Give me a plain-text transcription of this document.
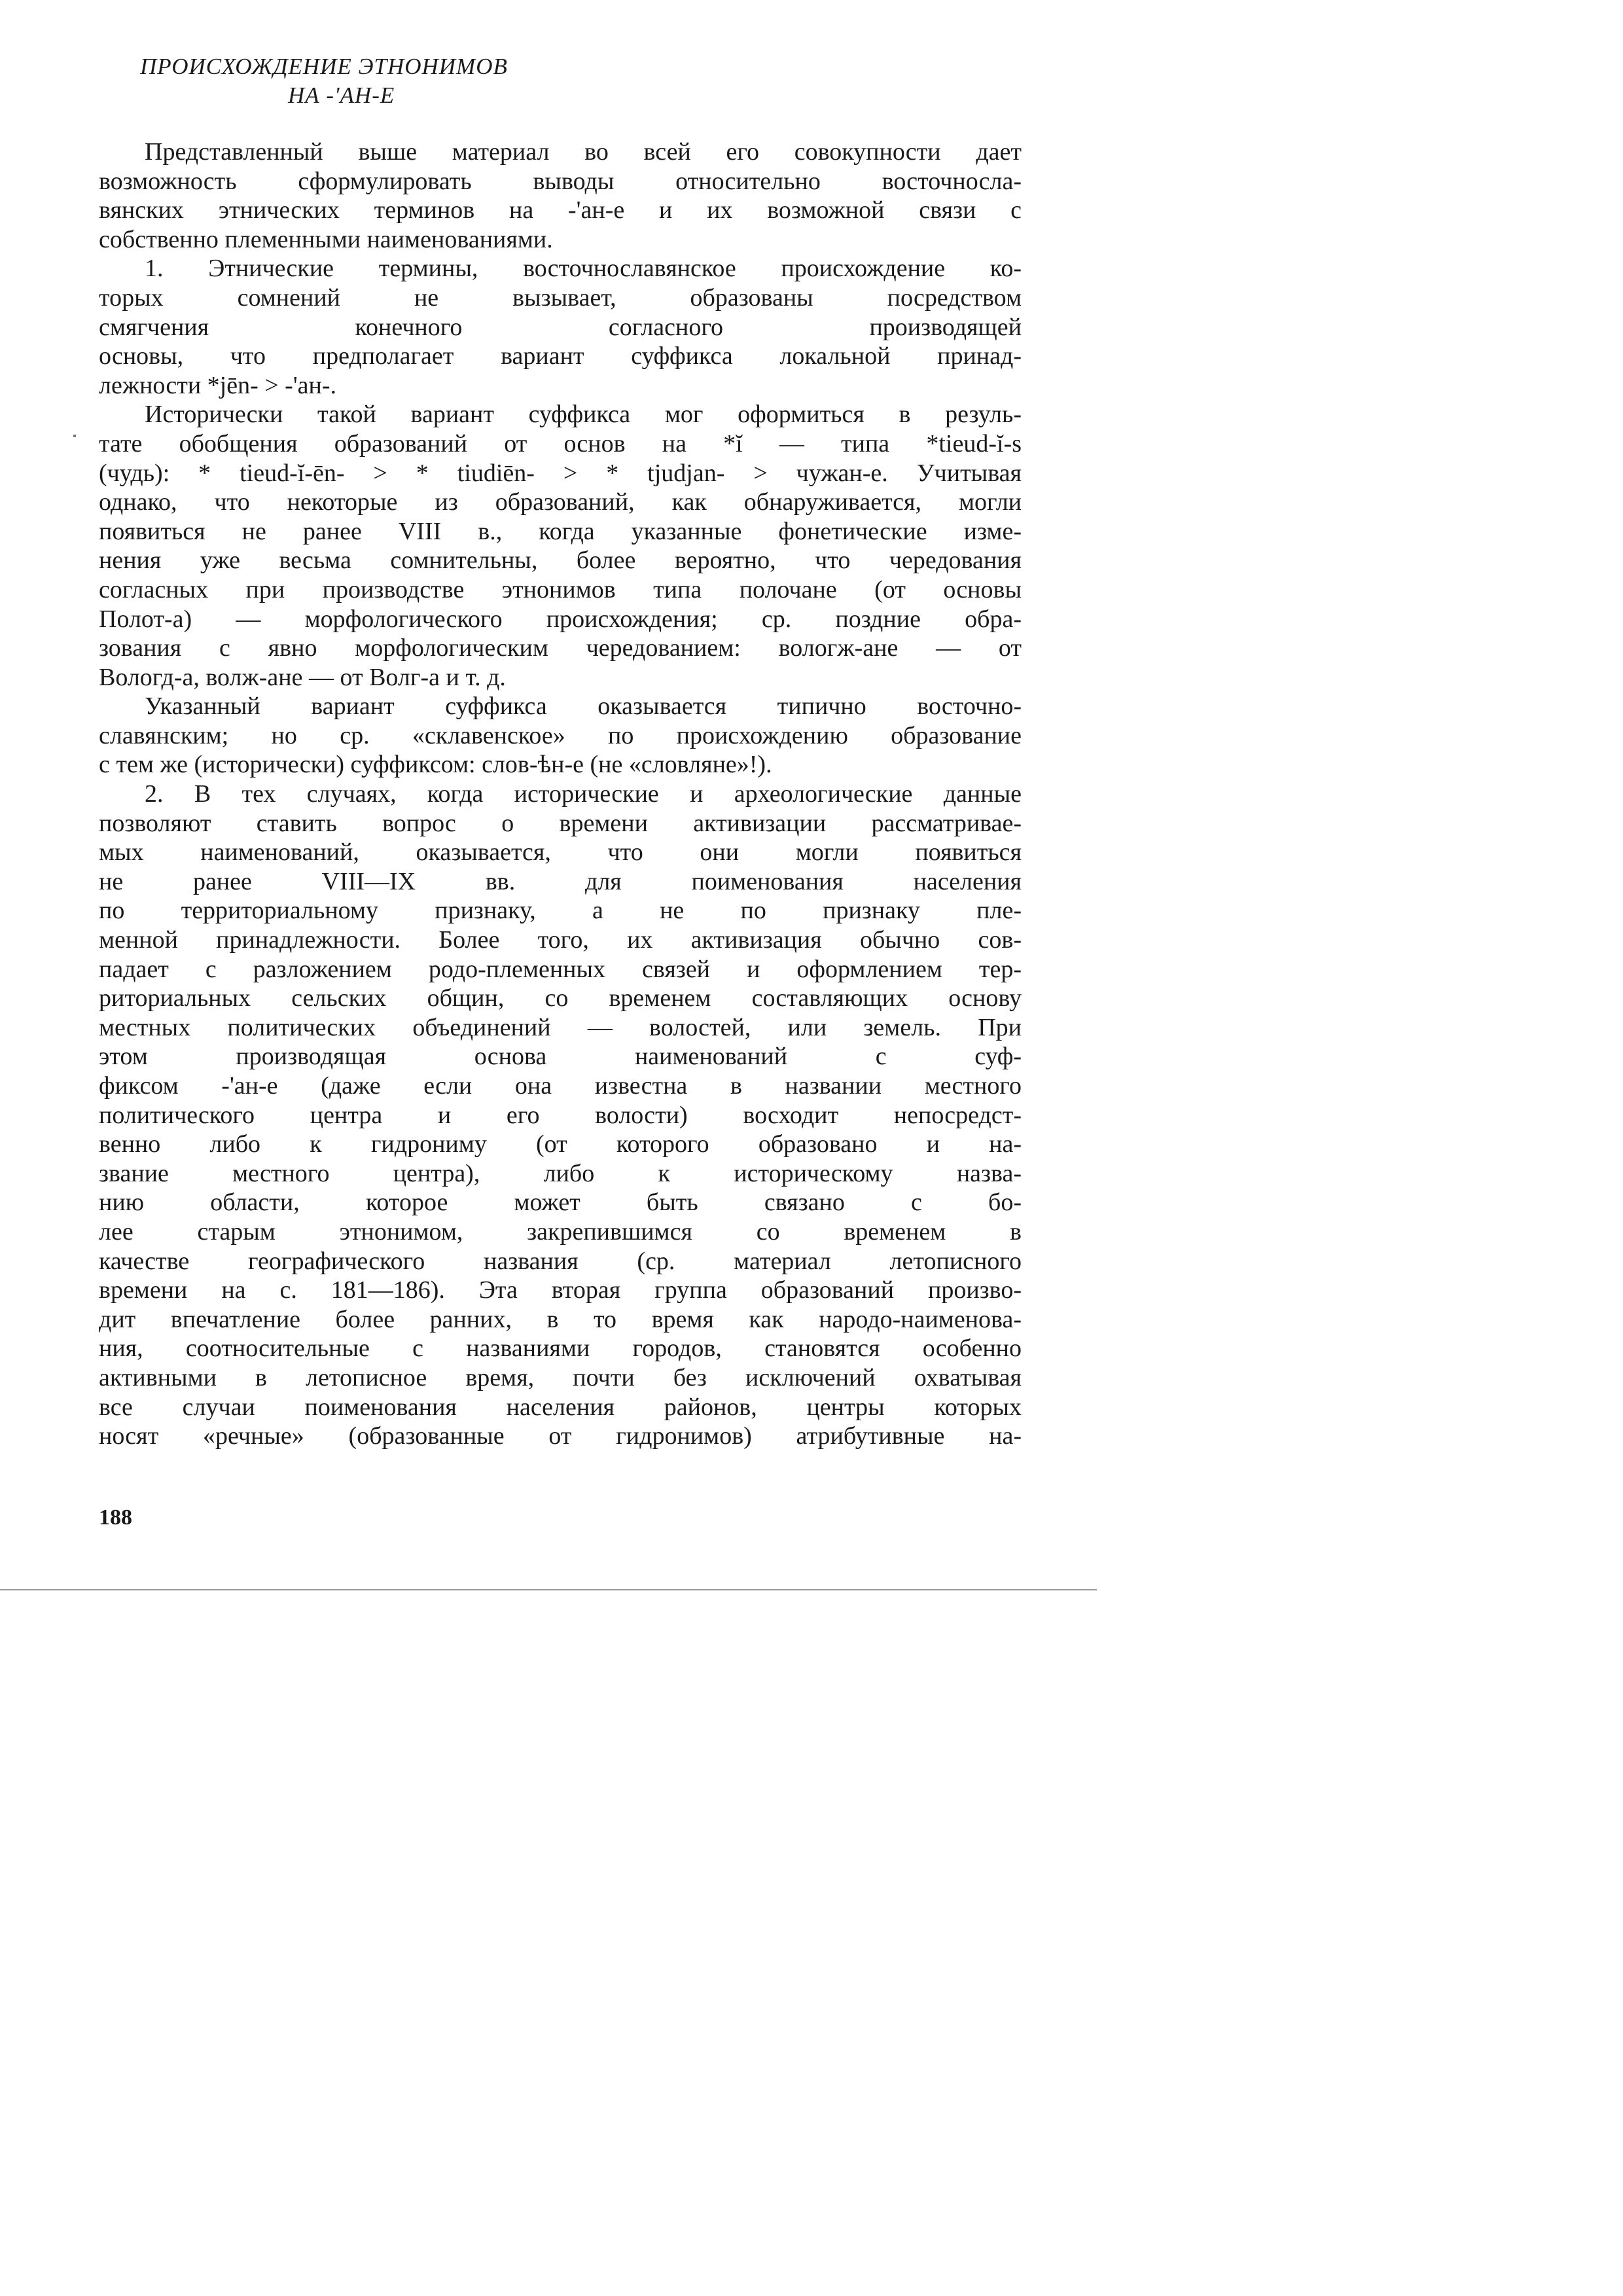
ПРОИСХОЖДЕНИЕ ЭТНОНИМОВ
НА -'АН-Е
Представленный выше материал во всей его совокупности дает
возможность сформулировать выводы относительно восточносла-
вянских этнических терминов на -'ан-е и их возможной связи с
собственно племенными наименованиями.
1. Этнические термины, восточнославянское происхождение ко-
торых сомнений не вызывает, образованы посредством
смягчения конечного согласного производящей
основы, что предполагает вариант суффикса локальной принад-
лежности *jēn- > -'ан-.
Исторически такой вариант суффикса мог оформиться в резуль-
тате обобщения образований от основ на *ĭ — типа *tieud-ĭ-s
(чудь): * tieud-ĭ-ēn- > * tiudiēn- > * tjudjan- > чужан-е. Учитывая
однако, что некоторые из образований, как обнаруживается, могли
появиться не ранее VIII в., когда указанные фонетические изме-
нения уже весьма сомнительны, более вероятно, что чередования
согласных при производстве этнонимов типа полочане (от основы
Полот-а) — морфологического происхождения; ср. поздние обра-
зования с явно морфологическим чередованием: вологж-ане — от
Вологд-а, волж-ане — от Волг-а и т. д.
Указанный вариант суффикса оказывается типично восточно-
славянским; но ср. «склавенское» по происхождению образование
с тем же (исторически) суффиксом: слов-ѣн-е (не «словляне»!).
2. В тех случаях, когда исторические и археологические данные
позволяют ставить вопрос о времени активизации рассматривае-
мых наименований, оказывается, что они могли появиться
не ранее VIII—IX вв. для поименования населения
по территориальному признаку, а не по признаку пле-
менной принадлежности. Более того, их активизация обычно сов-
падает с разложением родо-племенных связей и оформлением тер-
риториальных сельских общин, со временем составляющих основу
местных политических объединений — волостей, или земель. При
этом производящая основа наименований с суф-
фиксом -'ан-е (даже если она известна в названии местного
политического центра и его волости) восходит непосредст-
венно либо к гидрониму (от которого образовано и на-
звание местного центра), либо к историческому назва-
нию области, которое может быть связано с бо-
лее старым этнонимом, закрепившимся со временем в
качестве географического названия (ср. материал летописного
времени на с. 181—186). Эта вторая группа образований произво-
дит впечатление более ранних, в то время как народо-наименова-
ния, соотносительные с названиями городов, становятся особенно
активными в летописное время, почти без исключений охватывая
все случаи поименования населения районов, центры которых
носят «речные» (образованные от гидронимов) атрибутивные на-
188
